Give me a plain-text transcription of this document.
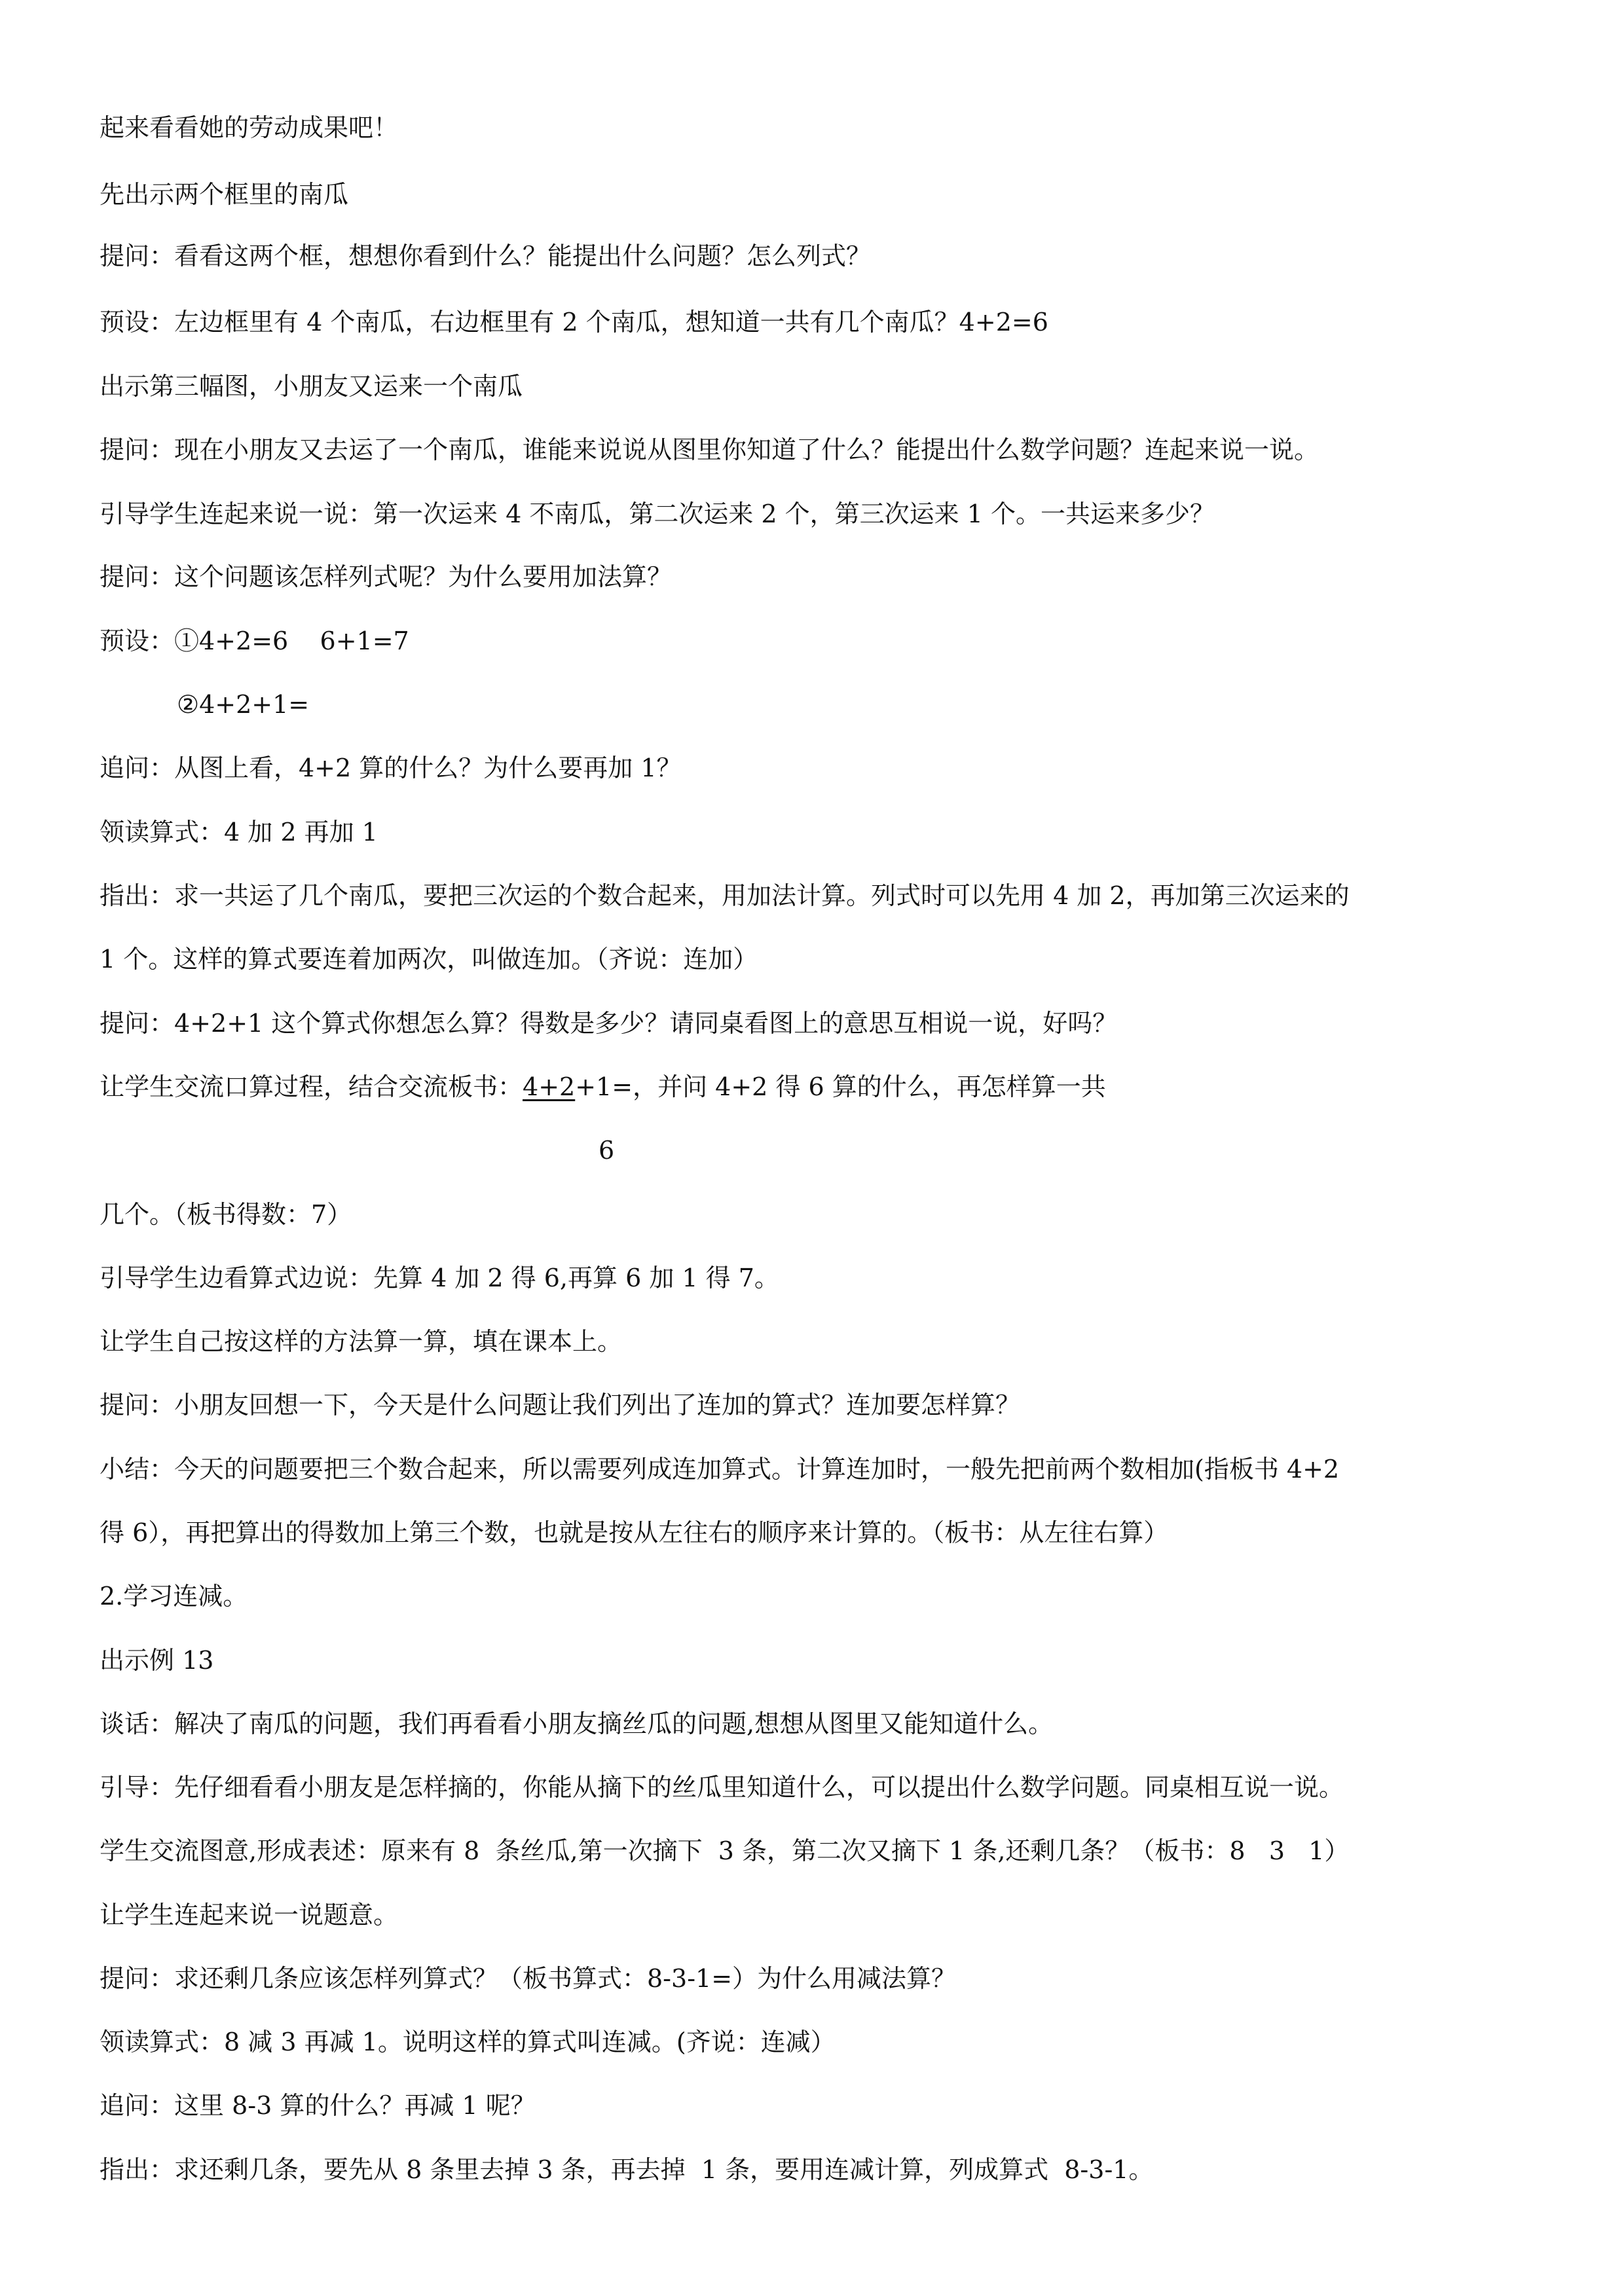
起来看看她的劳动成果吧！
先出示两个框里的南瓜
提问：看看这两个框，想想你看到什么？能提出什么问题？怎么列式？
预设：左边框里有 4 个南瓜，右边框里有 2 个南瓜，想知道一共有几个南瓜？4+2=6
出示第三幅图，小朋友又运来一个南瓜
提问：现在小朋友又去运了一个南瓜，谁能来说说从图里你知道了什么？能提出什么数学问题？连起来说一说。
引导学生连起来说一说：第一次运来 4 不南瓜，第二次运来 2 个，第三次运来 1 个。一共运来多少？
提问：这个问题该怎样列式呢？为什么要用加法算？
预设：①4+2=6    6+1=7
②4+2+1=
追问：从图上看，4+2 算的什么？为什么要再加 1？
领读算式：4 加 2 再加 1
指出：求一共运了几个南瓜，要把三次运的个数合起来，用加法计算。列式时可以先用 4 加 2，再加第三次运来的
1 个。这样的算式要连着加两次，叫做连加。（齐说：连加）
提问：4+2+1 这个算式你想怎么算？得数是多少？请同桌看图上的意思互相说一说，好吗？
让学生交流口算过程，结合交流板书：4+2+1=，并问 4+2 得 6 算的什么，再怎样算一共
6
几个。（板书得数：7）
引导学生边看算式边说：先算 4 加 2 得 6,再算 6 加 1 得 7。
让学生自己按这样的方法算一算，填在课本上。
提问：小朋友回想一下，今天是什么问题让我们列出了连加的算式？连加要怎样算？
小结：今天的问题要把三个数合起来，所以需要列成连加算式。计算连加时，一般先把前两个数相加(指板书 4+2
得 6），再把算出的得数加上第三个数，也就是按从左往右的顺序来计算的。（板书：从左往右算）
2.学习连减。
出示例 13
谈话：解决了南瓜的问题，我们再看看小朋友摘丝瓜的问题,想想从图里又能知道什么。
引导：先仔细看看小朋友是怎样摘的，你能从摘下的丝瓜里知道什么，可以提出什么数学问题。同桌相互说一说。
学生交流图意,形成表述：原来有 8  条丝瓜,第一次摘下  3 条，第二次又摘下 1 条,还剩几条？（板书：8   3   1）
让学生连起来说一说题意。
提问：求还剩几条应该怎样列算式？（板书算式：8-3-1=）为什么用减法算？
领读算式：8 减 3 再减 1。说明这样的算式叫连减。(齐说：连减）
追问：这里 8-3 算的什么？再减 1 呢？
指出：求还剩几条，要先从 8 条里去掉 3 条，再去掉  1 条，要用连减计算，列成算式  8-3-1。
